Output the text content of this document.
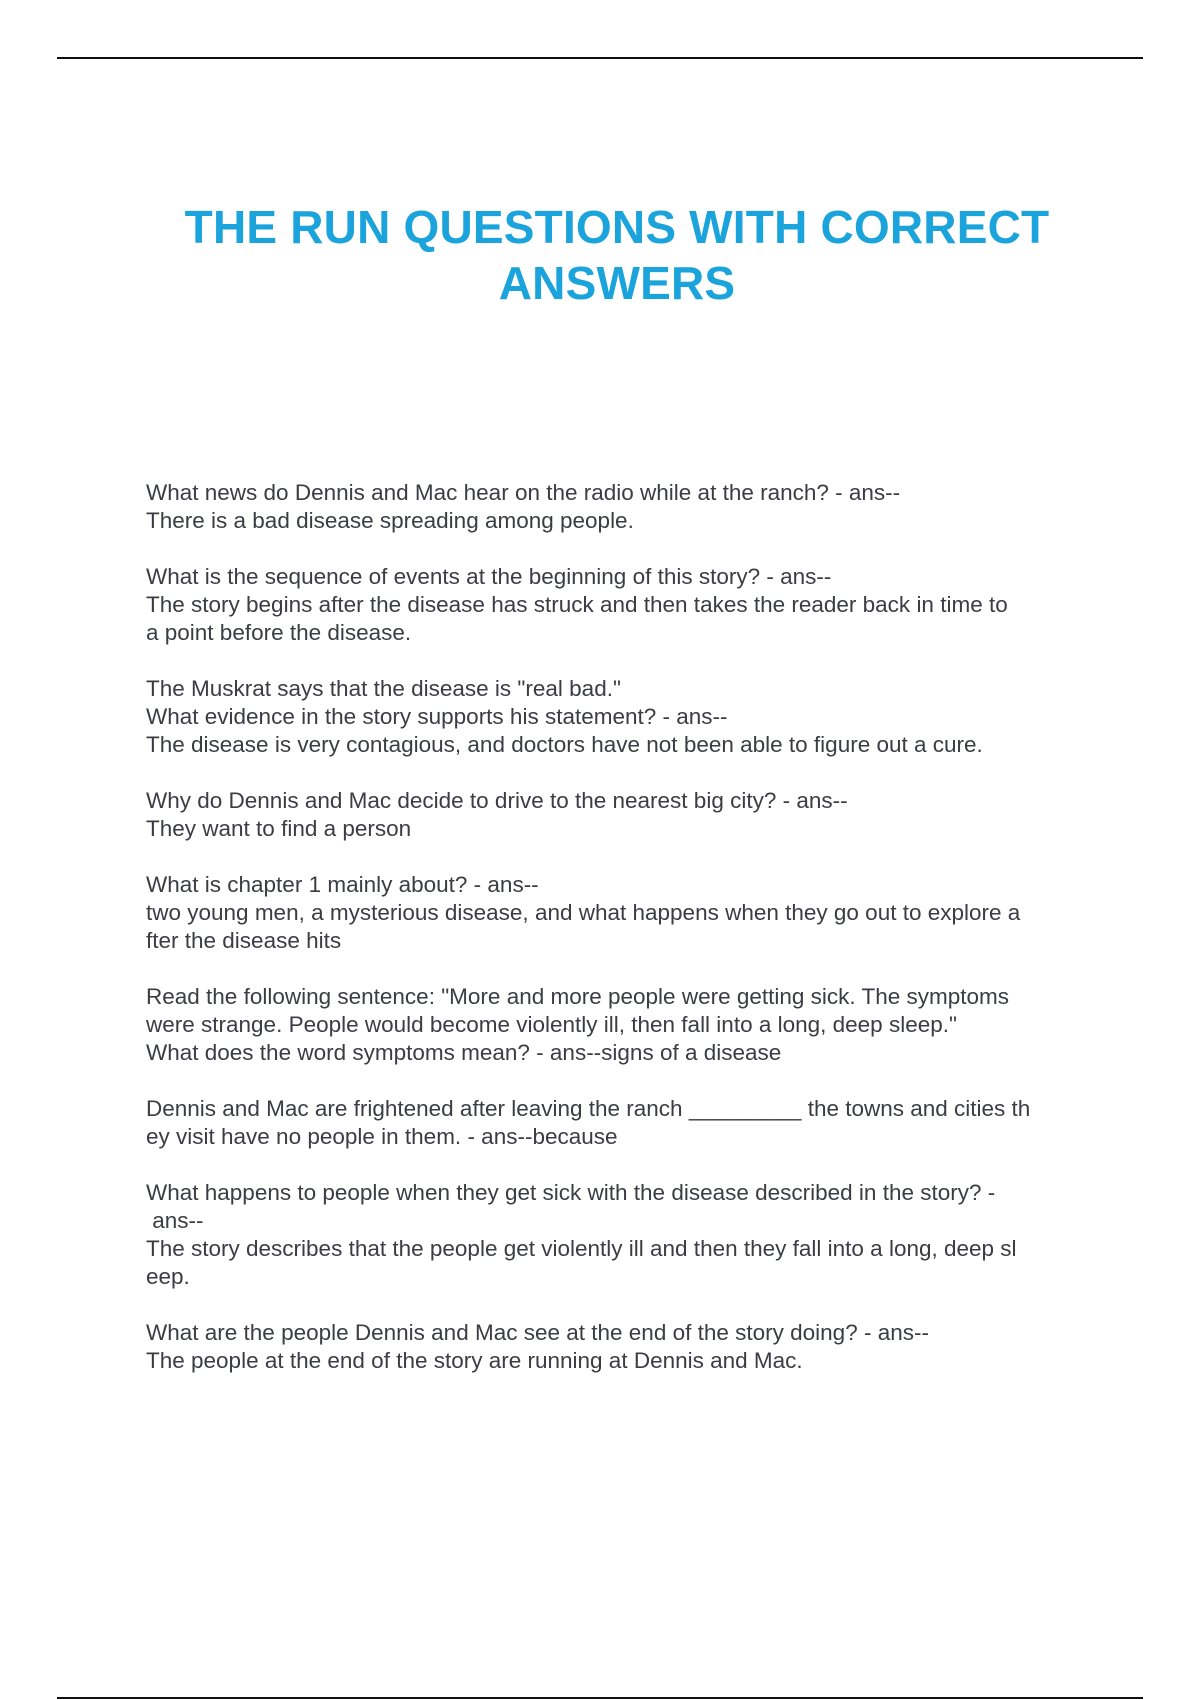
THE RUN QUESTIONS WITH CORRECT ANSWERS
What news do Dennis and Mac hear on the radio while at the ranch? - ans--
There is a bad disease spreading among people.
What is the sequence of events at the beginning of this story? - ans--
The story begins after the disease has struck and then takes the reader back in time to
a point before the disease.
The Muskrat says that the disease is "real bad."
What evidence in the story supports his statement? - ans--
The disease is very contagious, and doctors have not been able to figure out a cure.
Why do Dennis and Mac decide to drive to the nearest big city? - ans--
They want to find a person
What is chapter 1 mainly about? - ans--
two young men, a mysterious disease, and what happens when they go out to explore a
fter the disease hits
Read the following sentence: "More and more people were getting sick. The symptoms
were strange. People would become violently ill, then fall into a long, deep sleep."
What does the word symptoms mean? - ans--signs of a disease
Dennis and Mac are frightened after leaving the ranch _________ the towns and cities th
ey visit have no people in them. - ans--because
What happens to people when they get sick with the disease described in the story? -
ans--
The story describes that the people get violently ill and then they fall into a long, deep sl
eep.
What are the people Dennis and Mac see at the end of the story doing? - ans--
The people at the end of the story are running at Dennis and Mac.
